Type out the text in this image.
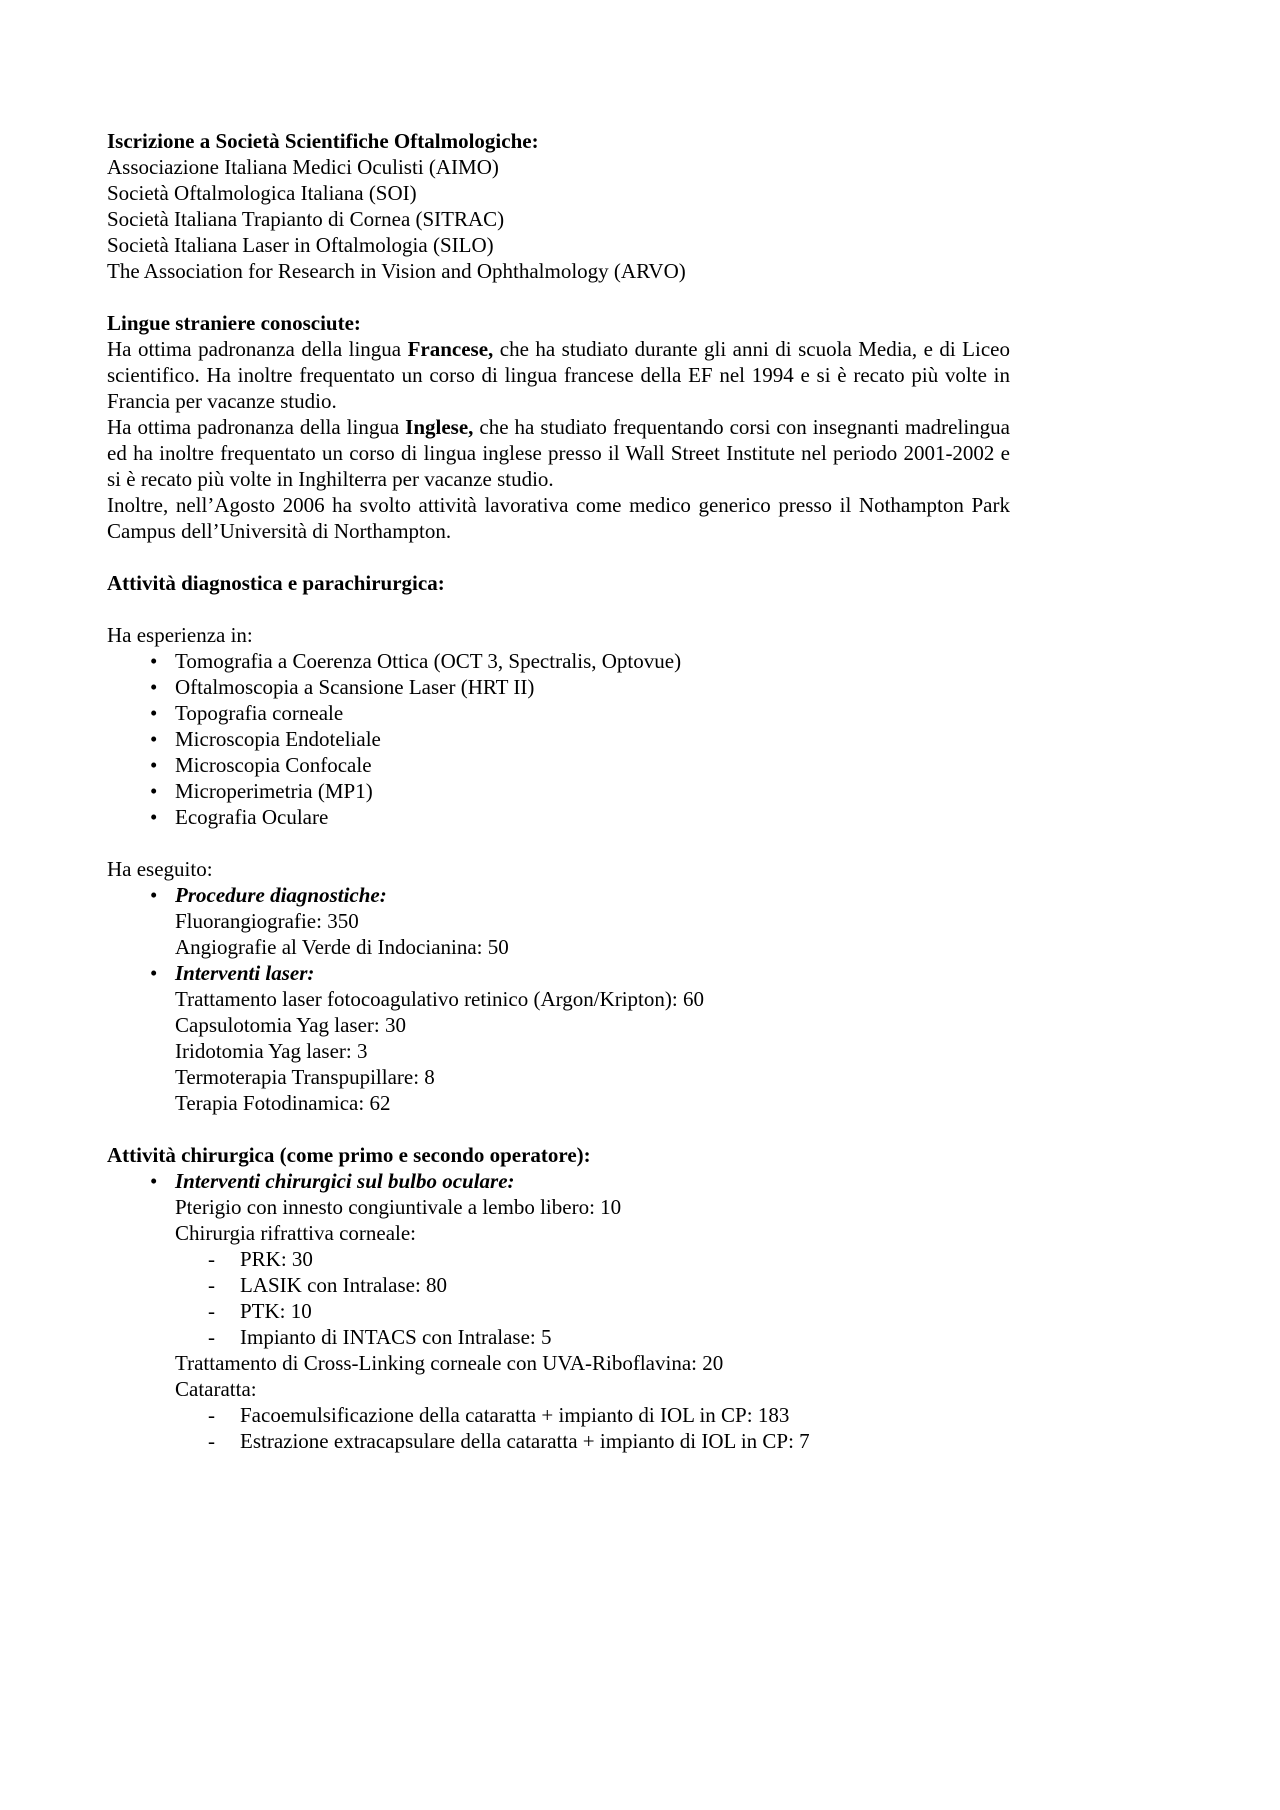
Iscrizione a Società Scientifiche Oftalmologiche:
Associazione Italiana Medici Oculisti (AIMO)
Società Oftalmologica Italiana (SOI)
Società Italiana Trapianto di Cornea (SITRAC)
Società Italiana Laser in Oftalmologia (SILO)
The Association for Research in Vision and Ophthalmology (ARVO)
Lingue straniere conosciute:

Ha ottima padronanza della lingua Francese, che ha studiato durante gli anni di scuola Media, e di Liceo scientifico. Ha inoltre frequentato un corso di lingua francese della EF nel 1994 e si è recato più volte in Francia per vacanze studio.

Ha ottima padronanza della lingua Inglese, che ha studiato frequentando corsi con insegnanti madrelingua ed ha inoltre frequentato un corso di lingua inglese presso il Wall Street Institute nel periodo 2001-2002 e si è recato più volte in Inghilterra per vacanze studio.

Inoltre, nell’Agosto 2006 ha svolto attività lavorativa come medico generico presso il Nothampton Park Campus dell’Università di Northampton.

Attività diagnostica e parachirurgica:
Ha esperienza in:
• Tomografia a Coerenza Ottica (OCT 3, Spectralis, Optovue)
• Oftalmoscopia a Scansione Laser (HRT II)
• Topografia corneale
• Microscopia Endoteliale
• Microscopia Confocale
• Microperimetria (MP1)
• Ecografia Oculare
Ha eseguito:
• Procedure diagnostiche:
Fluorangiografie: 350
Angiografie al Verde di Indocianina: 50
• Interventi laser:
Trattamento laser fotocoagulativo retinico (Argon/Kripton): 60
Capsulotomia Yag laser: 30
Iridotomia Yag laser: 3
Termoterapia Transpupillare: 8
Terapia Fotodinamica: 62
Attività chirurgica (come primo e secondo operatore):
• Interventi chirurgici sul bulbo oculare:
Pterigio con innesto congiuntivale a lembo libero: 10
Chirurgia rifrattiva corneale:
-	PRK: 30
-	LASIK con Intralase: 80
-	PTK: 10
-	Impianto di INTACS con Intralase: 5
Trattamento di Cross-Linking corneale con UVA-Riboflavina: 20
Cataratta:
-	Facoemulsificazione della cataratta + impianto di IOL in CP: 183
-	Estrazione extracapsulare della cataratta + impianto di IOL in CP: 7
